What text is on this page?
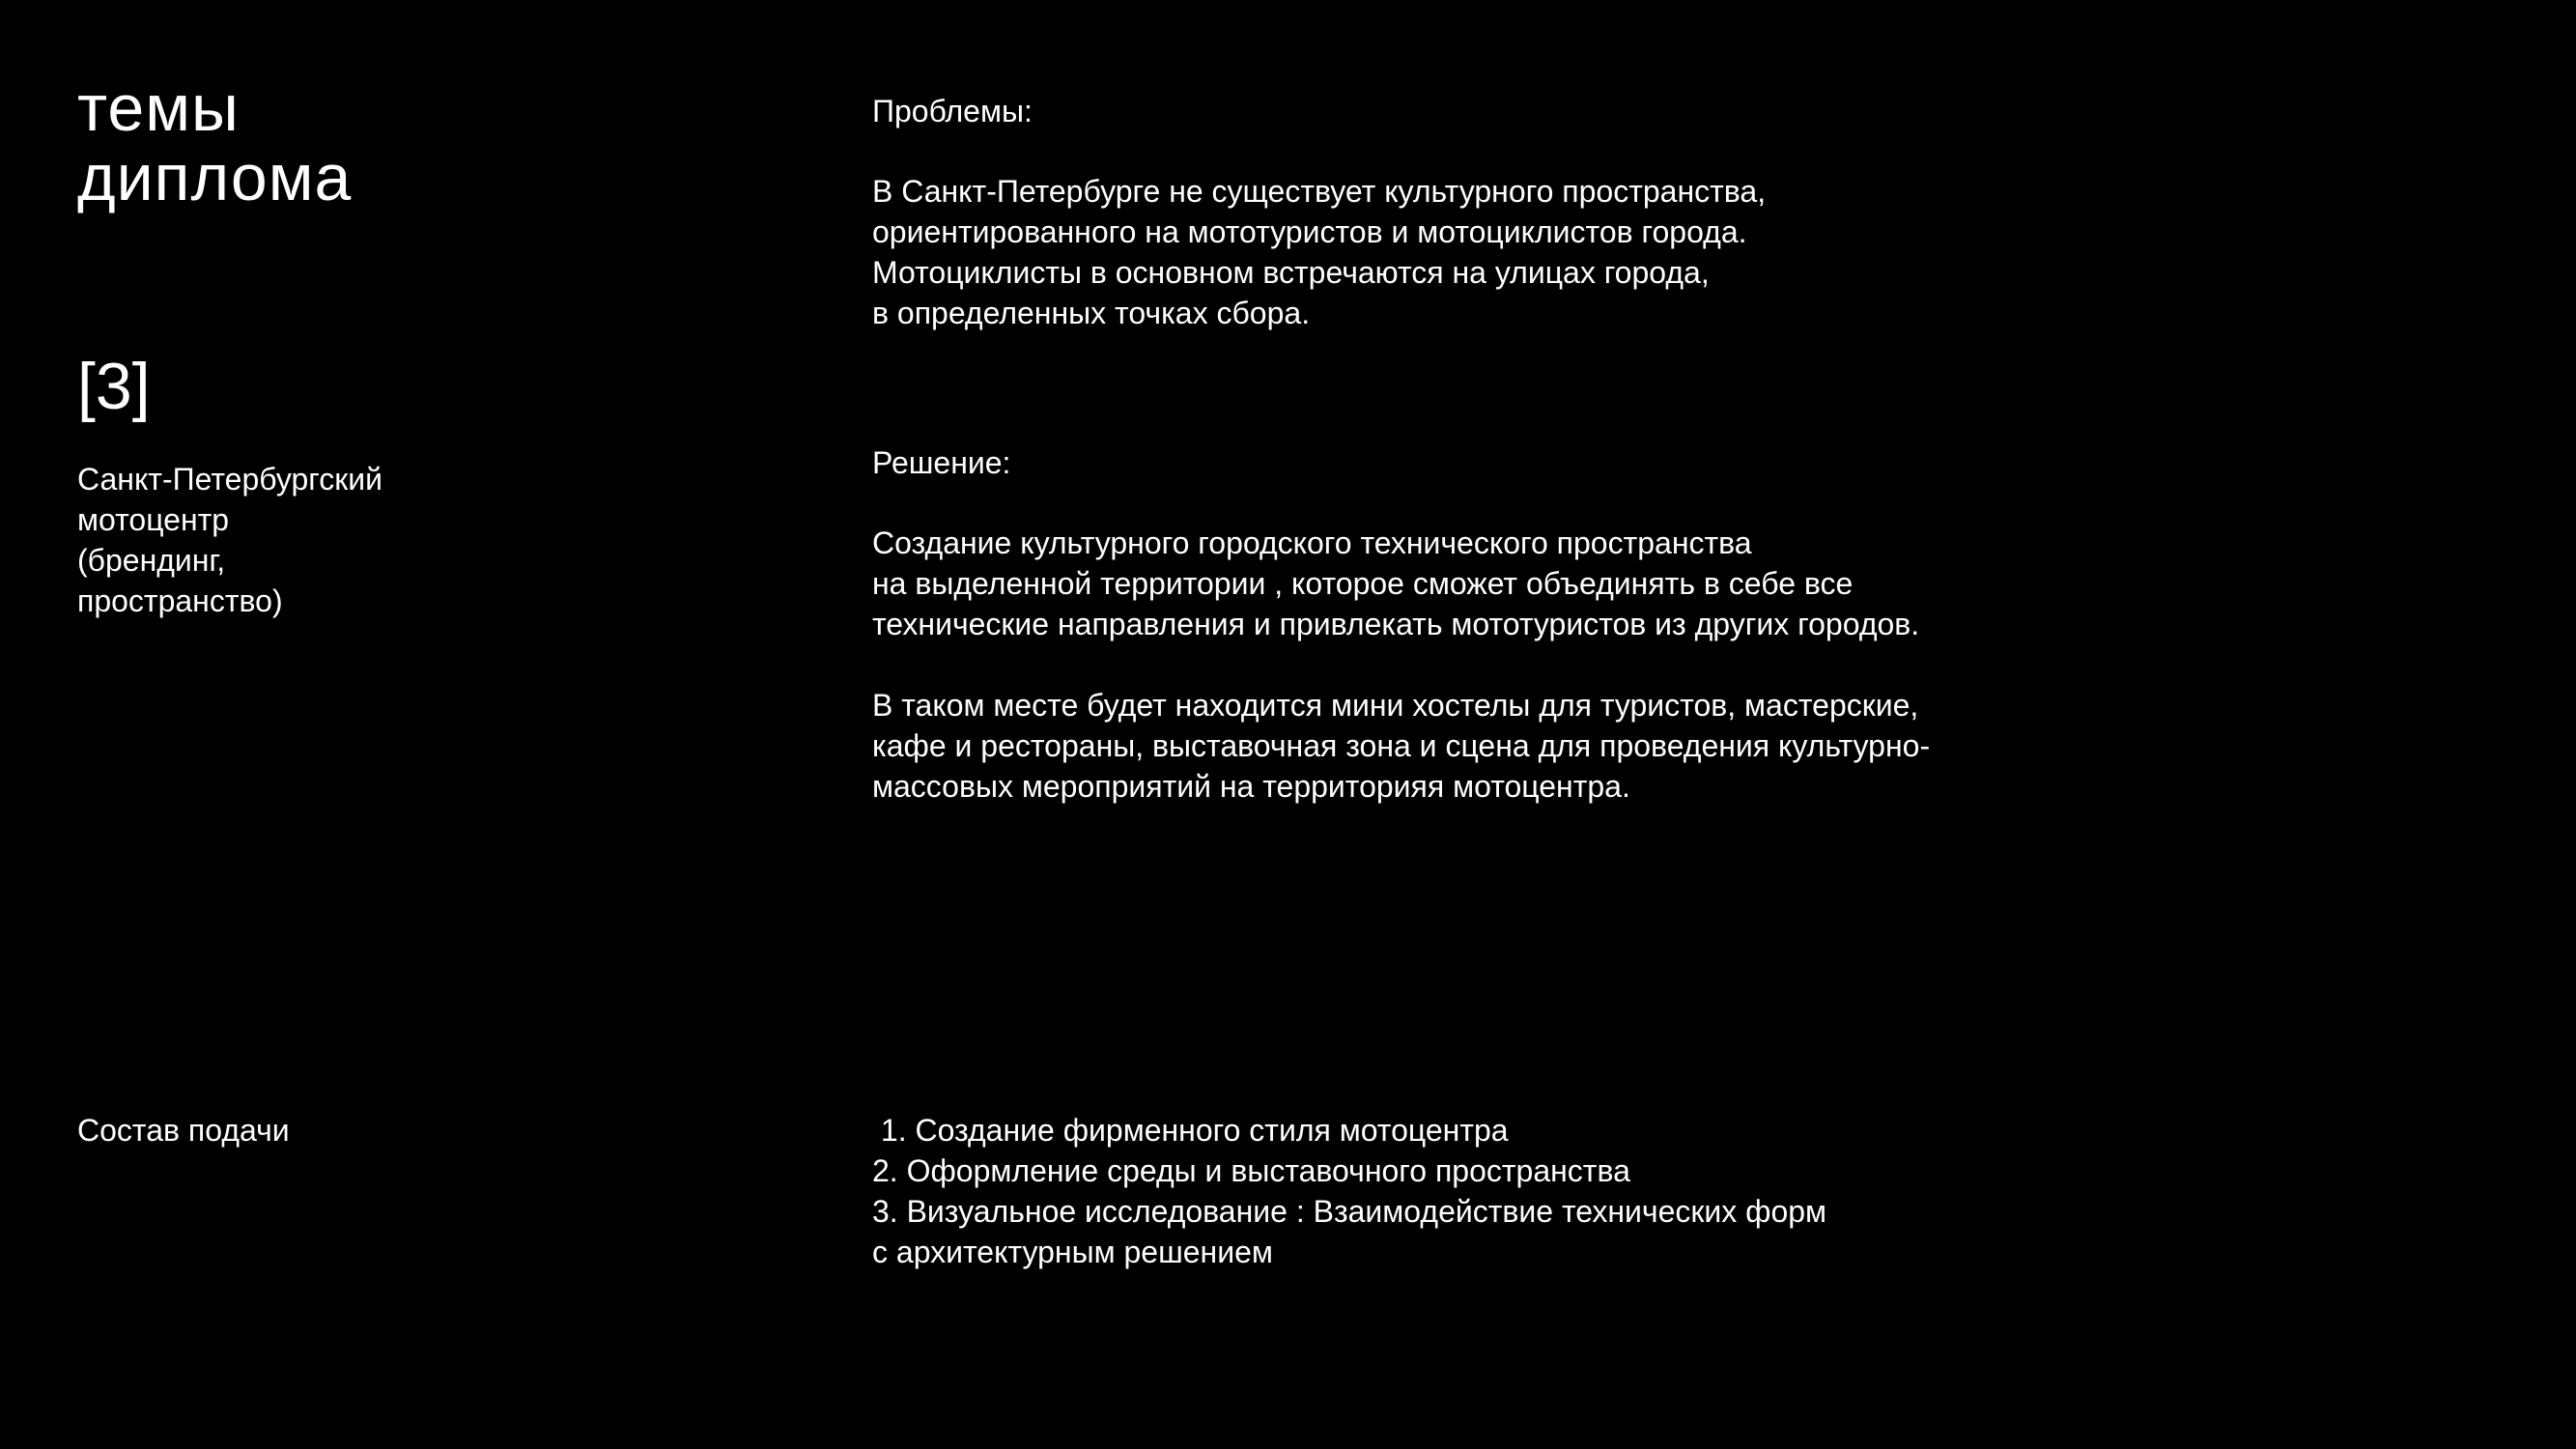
темы
диплома
[3]
Санкт-Петербургский
мотоцентр
(брендинг,
пространство)
Проблемы:
В Санкт-Петербурге не существует культурного пространства,
ориентированного на мототуристов и мотоциклистов города.
Мотоциклисты в основном встречаются на улицах города,
в определенных точках сбора.
Решение:
Создание культурного городского технического пространства
на выделенной территории , которое сможет объединять в себе все
технические направления и привлекать мототуристов из других городов.
В таком месте будет находится мини хостелы для туристов, мастерские,
кафе и рестораны, выставочная зона и сцена для проведения культурно-
массовых мероприятий на территорияя мотоцентра.
Состав подачи	1. Создание фирменного стиля мотоцентра
2. Оформление среды и выставочного пространства
3. Визуальное исследование : Взаимодействие технических форм
с архитектурным решением
